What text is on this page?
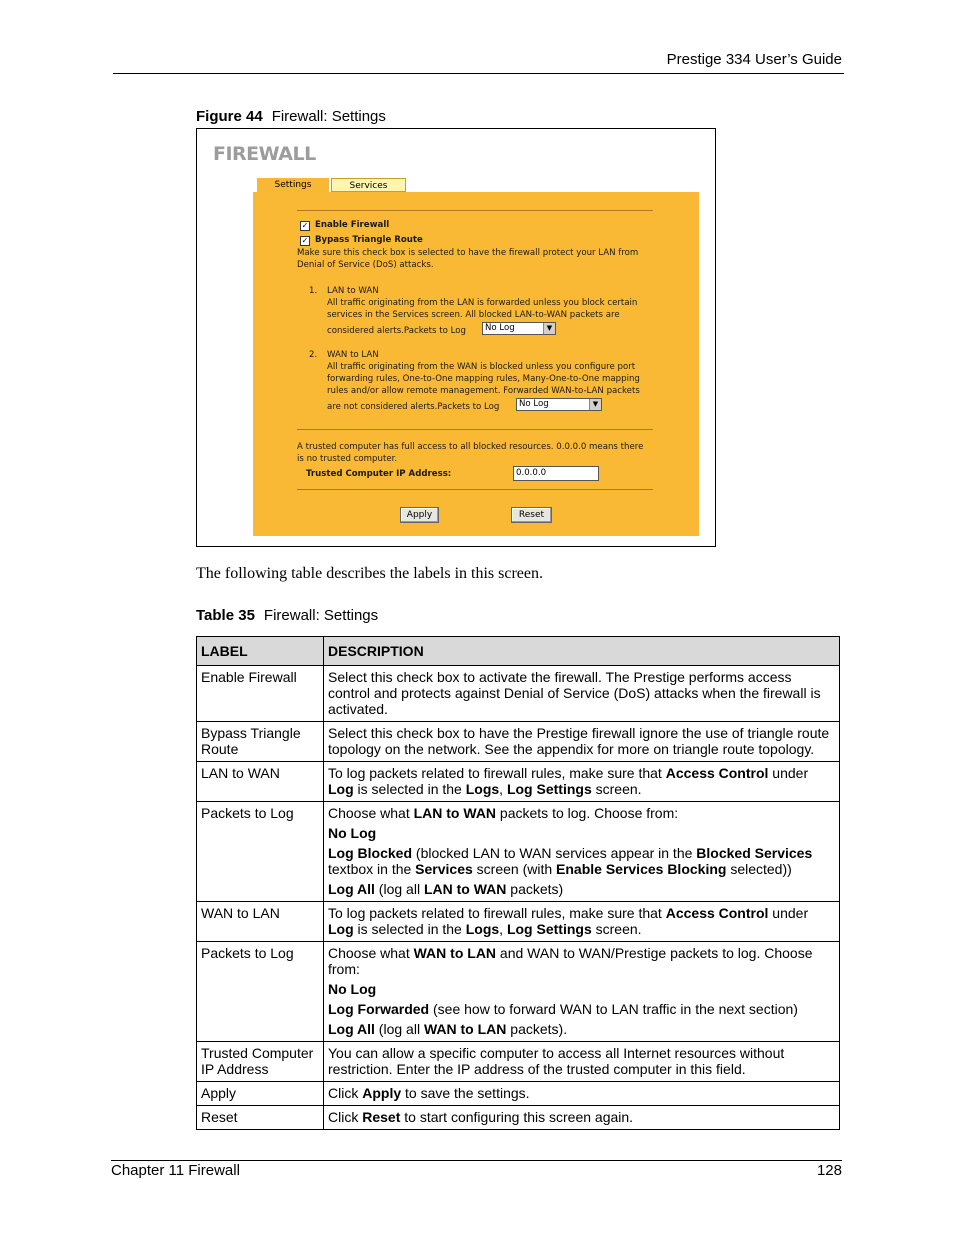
Prestige 334 User’s Guide
Figure 44 Firewall: Settings
FIREWALL
Settings	Services
✓ Enable Firewall
✓ Bypass Triangle Route
Make sure this check box is selected to have the firewall protect your LAN from
Denial of Service (DoS) attacks.
1. LAN to WAN
All traffic originating from the LAN is forwarded unless you block certain
services in the Services screen. All blocked LAN-to-WAN packets are
considered alerts.Packets to Log	No Log	▼
2. WAN to LAN
All traffic originating from the WAN is blocked unless you configure port
forwarding rules, One-to-One mapping rules, Many-One-to-One mapping
rules and/or allow remote management. Forwarded WAN-to-LAN packets
are not considered alerts.Packets to Log	No Log	▼
A trusted computer has full access to all blocked resources. 0.0.0.0 means there
is no trusted computer.
Trusted Computer IP Address:	0.0.0.0
Apply	Reset
The following table describes the labels in this screen.
Table 35 Firewall: Settings
LABEL	DESCRIPTION
Enable Firewall	Select this check box to activate the firewall. The Prestige performs access control and protects against Denial of Service (DoS) attacks when the firewall is activated.

Bypass Triangle Route	Select this check box to have the Prestige firewall ignore the use of triangle route topology on the network. See the appendix for more on triangle route topology.

LAN to WAN	To log packets related to firewall rules, make sure that Access Control under Log is selected in the Logs, Log Settings screen.

Packets to Log	Choose what LAN to WAN packets to log. Choose from:
No Log
Log Blocked (blocked LAN to WAN services appear in the Blocked Services textbox in the Services screen (with Enable Services Blocking selected))
Log All (log all LAN to WAN packets)

WAN to LAN	To log packets related to firewall rules, make sure that Access Control under Log is selected in the Logs, Log Settings screen.

Packets to Log	Choose what WAN to LAN and WAN to WAN/Prestige packets to log. Choose from:
No Log
Log Forwarded (see how to forward WAN to LAN traffic in the next section)
Log All (log all WAN to LAN packets).

Trusted Computer IP Address	You can allow a specific computer to access all Internet resources without restriction. Enter the IP address of the trusted computer in this field.

Apply	Click Apply to save the settings.

Reset	Click Reset to start configuring this screen again.
Chapter 11 Firewall	128
